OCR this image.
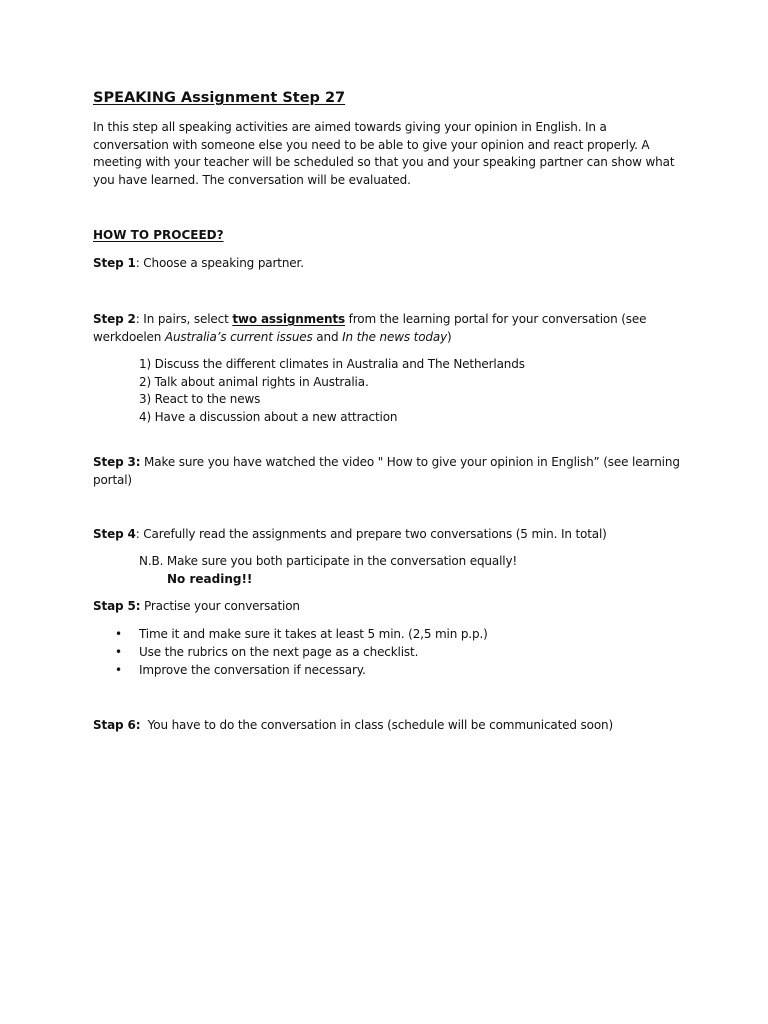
SPEAKING Assignment Step 27
In this step all speaking activities are aimed towards giving your opinion in English. In a conversation with someone else you need to be able to give your opinion and react properly. A meeting with your teacher will be scheduled so that you and your speaking partner can show what you have learned. The conversation will be evaluated.
HOW TO PROCEED?
Step 1: Choose a speaking partner.
Step 2: In pairs, select two assignments from the learning portal for your conversation (see werkdoelen Australia’s current issues and In the news today)
1) Discuss the different climates in Australia and The Netherlands
2) Talk about animal rights in Australia.
3) React to the news
4) Have a discussion about a new attraction
Step 3: Make sure you have watched the video " How to give your opinion in English” (see learning portal)
Step 4: Carefully read the assignments and prepare two conversations (5 min. In total)
N.B. Make sure you both participate in the conversation equally!
No reading!!
Stap 5: Practise your conversation
• Time it and make sure it takes at least 5 min. (2,5 min p.p.)
• Use the rubrics on the next page as a checklist.
• Improve the conversation if necessary.
Stap 6:  You have to do the conversation in class (schedule will be communicated soon)
